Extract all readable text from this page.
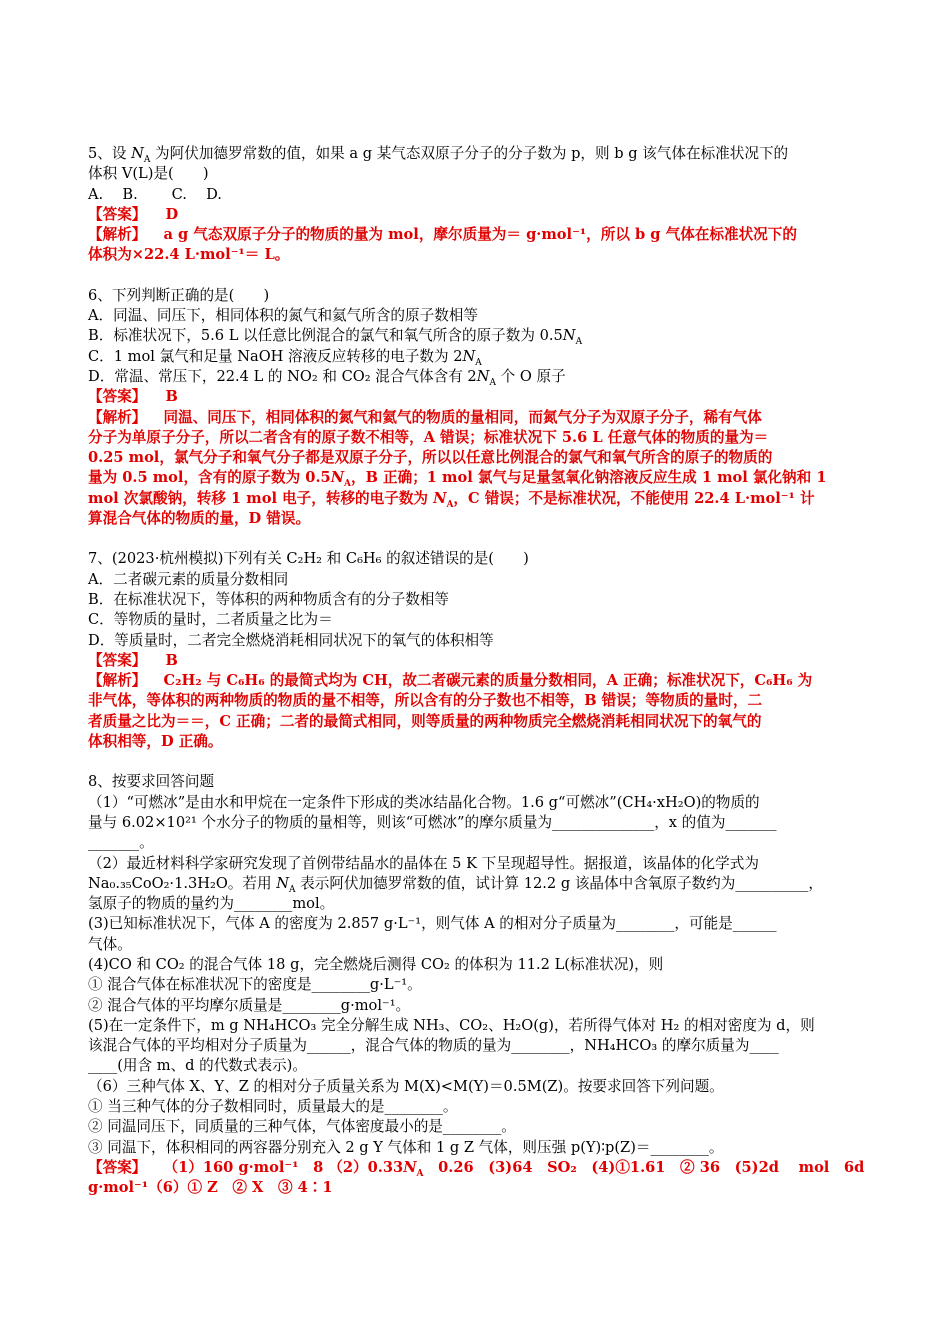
5、设 $N_A$ 为阿伏加德罗常数的值，如果 a g 某气态双原子分子的分子数为 p，则 b g 该气体在标准状况下的
体积 V(L)是(　　)
A.　 B.　　 C.　 D.
【答案】 D
【解析】 a g 气态双原子分子的物质的量为 mol，摩尔质量为＝ g·mol⁻¹，所以 b g 气体在标准状况下的
体积为×22.4 L·mol⁻¹＝ L。
6、下列判断正确的是(　　)
A．同温、同压下，相同体积的氮气和氦气所含的原子数相等
B．标准状况下，5.6 L 以任意比例混合的氯气和氧气所含的原子数为 $0.5N_A$
C．1 mol 氯气和足量 NaOH 溶液反应转移的电子数为 $2N_A$
D．常温、常压下，22.4 L 的 NO₂ 和 CO₂ 混合气体含有 $2N_A$ 个 O 原子
【答案】 B
【解析】 同温、同压下，相同体积的氮气和氦气的物质的量相同，而氮气分子为双原子分子，稀有气体
分子为单原子分子，所以二者含有的原子数不相等，A 错误；标准状况下 5.6 L 任意气体的物质的量为＝
0.25 mol，氯气分子和氧气分子都是双原子分子，所以以任意比例混合的氯气和氧气所含的原子的物质的
量为 0.5 mol，含有的原子数为 $0.5N_A$，B 正确；1 mol 氯气与足量氢氧化钠溶液反应生成 1 mol 氯化钠和 1
mol 次氯酸钠，转移 1 mol 电子，转移的电子数为 $N_A$，C 错误；不是标准状况，不能使用 22.4 L·mol⁻¹ 计
算混合气体的物质的量，D 错误。
7、(2023·杭州模拟)下列有关 C₂H₂ 和 C₆H₆ 的叙述错误的是(　　)
A．二者碳元素的质量分数相同
B．在标准状况下，等体积的两种物质含有的分子数相等
C．等物质的量时，二者质量之比为＝
D．等质量时，二者完全燃烧消耗相同状况下的氧气的体积相等
【答案】 B
【解析】 C₂H₂ 与 C₆H₆ 的最简式均为 CH，故二者碳元素的质量分数相同，A 正确；标准状况下，C₆H₆ 为
非气体，等体积的两种物质的物质的量不相等，所以含有的分子数也不相等，B 错误；等物质的量时，二
者质量之比为＝＝，C 正确；二者的最简式相同，则等质量的两种物质完全燃烧消耗相同状况下的氧气的
体积相等，D 正确。
8、按要求回答问题
（1）“可燃冰”是由水和甲烷在一定条件下形成的类冰结晶化合物。1.6 g“可燃冰”(CH₄·xH₂O)的物质的
量与 6.02×10²¹ 个水分子的物质的量相等，则该“可燃冰”的摩尔质量为______________，x 的值为_______
_______。
（2）最近材料科学家研究发现了首例带结晶水的晶体在 5 K 下呈现超导性。据报道，该晶体的化学式为
Na₀.₃₅CoO₂·1.3H₂O。若用 $N_A$ 表示阿伏加德罗常数的值，试计算 12.2 g 该晶体中含氧原子数约为__________，
氢原子的物质的量约为________mol。
(3)已知标准状况下，气体 A 的密度为 2.857 g·L⁻¹，则气体 A 的相对分子质量为________，可能是______
气体。
(4)CO 和 CO₂ 的混合气体 18 g，完全燃烧后测得 CO₂ 的体积为 11.2 L(标准状况)，则
① 混合气体在标准状况下的密度是________g·L⁻¹。
② 混合气体的平均摩尔质量是________g·mol⁻¹。
(5)在一定条件下，m g NH₄HCO₃ 完全分解生成 NH₃、CO₂、H₂O(g)，若所得气体对 H₂ 的相对密度为 d，则
该混合气体的平均相对分子质量为______，混合气体的物质的量为________，NH₄HCO₃ 的摩尔质量为____
____(用含 m、d 的代数式表示)。
（6）三种气体 X、Y、Z 的相对分子质量关系为 M(X)<M(Y)＝0.5M(Z)。按要求回答下列问题。
① 当三种气体的分子数相同时，质量最大的是________。
② 同温同压下，同质量的三种气体，气体密度最小的是________。
③ 同温下，体积相同的两容器分别充入 2 g Y 气体和 1 g Z 气体，则压强 p(Y)∶p(Z)＝________。
【答案】 （1）160 g·mol⁻¹　8 $(2)0.33N_A$　0.26　(3)64　SO₂　(4)①1.61　② 36　(5)2d　 mol　6d
g·mol⁻¹（6）① Z　② X　③ 4∶1
